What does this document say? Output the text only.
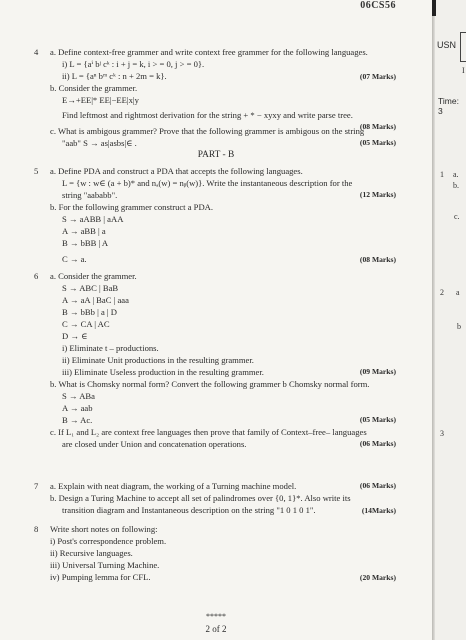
06CS56
4 a. Define context-free grammer and write context free grammer for the following languages.
i) L = {aⁱ bʲ cᵏ : i + j = k, i > = 0, j > = 0}.
ii) L = {aⁿ bᵐ cᵏ : n + 2m = k}.	(07 Marks)
b. Consider the grammer.
E→+EE|* EE|−EE|x|y
Find leftmost and rightmost derivation for the string + * − xyxy and write parse tree.
(08 Marks)
c. What is ambigous grammer? Prove that the following grammer is ambigous on the string
"aab" S → as|asbs|∈ .	(05 Marks)
PART - B
5 a. Define PDA and construct a PDA that accepts the following languages.
L = {w : w∈ (a + b)* and nₐ(w) = nᵦ(w)}. Write the instantaneous description for the
string "aababb".	(12 Marks)
b. For the following grammer construct a PDA.
S → aABB | aAA
A → aBB | a
B → bBB | A
C → a.	(08 Marks)
6 a. Consider the grammer.
S → ABC | BaB
A → aA | BaC | aaa
B → bBb | a | D
C → CA | AC
D → ∈
i) Eliminate t – productions.
ii) Eliminate Unit productions in the resulting grammer.
iii) Eliminate Useless production in the resulting grammer.	(09 Marks)
b. What is Chomsky normal form? Convert the following grammer b Chomsky normal form.
S → ABa
A → aab
B → Ac.	(05 Marks)
c. If L₁ and L₂ are context free languages then prove that family of Context–free– languages
are closed under Union and concatenation operations.	(06 Marks)
7 a. Explain with neat diagram, the working of a Turning machine model.	(06 Marks)
b. Design a Turing Machine to accept all set of palindromes over {0, 1}*. Also write its
transition diagram and Instantaneous description on the string "1 0 1 0 1".	(14Marks)
8 Write short notes on following:
i) Post's correspondence problem.
ii) Recursive languages.
iii) Universal Turning Machine.
iv) Pumping lemma for CFL.	(20 Marks)
*****
2 of 2
USN
I
Time: 3
1 a.
b.
c.
2 a
b
3
